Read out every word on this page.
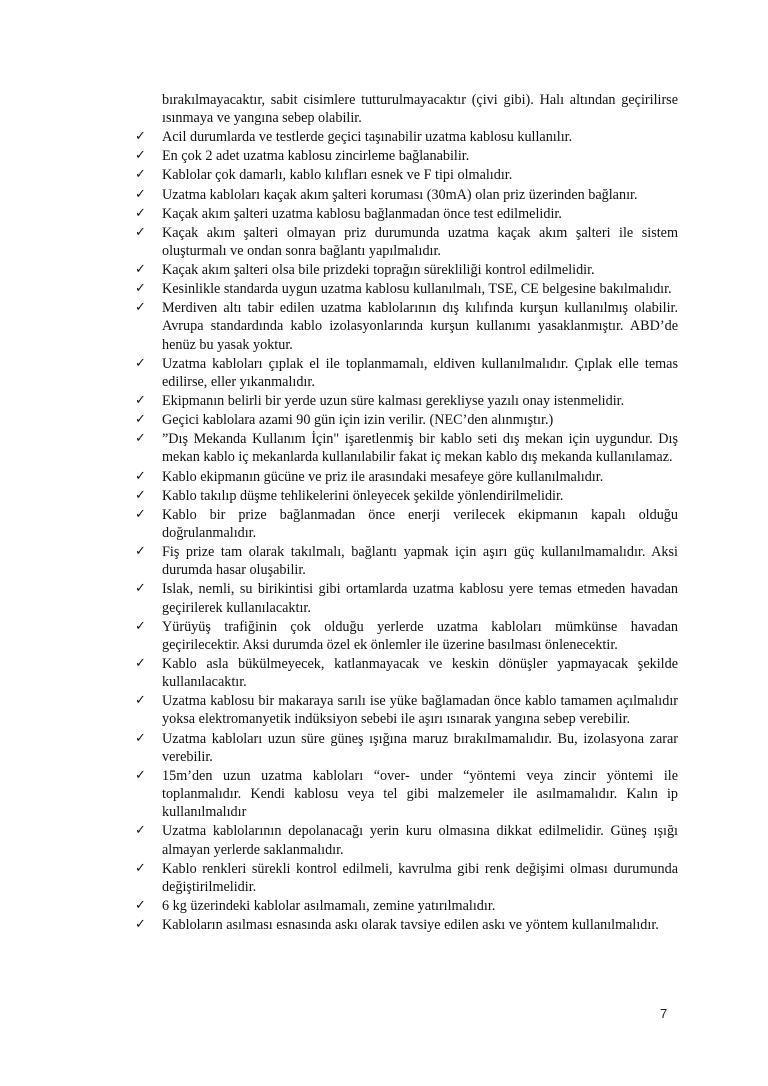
bırakılmayacaktır, sabit cisimlere tutturulmayacaktır (çivi gibi). Halı altından geçirilirse ısınmaya ve yangına sebep olabilir.

✓	Acil durumlarda ve testlerde geçici taşınabilir uzatma kablosu kullanılır.
✓	En çok 2 adet uzatma kablosu zincirleme bağlanabilir.
✓	Kablolar çok damarlı, kablo kılıfları esnek ve F tipi olmalıdır.
✓	Uzatma kabloları kaçak akım şalteri koruması (30mA) olan priz üzerinden bağlanır.
✓	Kaçak akım şalteri uzatma kablosu bağlanmadan önce test edilmelidir.
✓	Kaçak akım şalteri olmayan priz durumunda uzatma kaçak akım şalteri ile sistem oluşturmalı ve ondan sonra bağlantı yapılmalıdır.
✓	Kaçak akım şalteri olsa bile prizdeki toprağın sürekliliği kontrol edilmelidir.
✓	Kesinlikle standarda uygun uzatma kablosu kullanılmalı, TSE, CE belgesine bakılmalıdır.
✓	Merdiven altı tabir edilen uzatma kablolarının dış kılıfında kurşun kullanılmış olabilir. Avrupa standardında kablo izolasyonlarında kurşun kullanımı yasaklanmıştır. ABD’de henüz bu yasak yoktur.
✓	Uzatma kabloları çıplak el ile toplanmamalı, eldiven kullanılmalıdır. Çıplak elle temas edilirse, eller yıkanmalıdır.
✓	Ekipmanın belirli bir yerde uzun süre kalması gerekliyse yazılı onay istenmelidir.
✓	Geçici kablolara azami 90 gün için izin verilir. (NEC’den alınmıştır.)
✓	”Dış Mekanda Kullanım İçin" işaretlenmiş bir kablo seti dış mekan için uygundur. Dış mekan kablo iç mekanlarda kullanılabilir fakat iç mekan kablo dış mekanda kullanılamaz.
✓	Kablo ekipmanın gücüne ve priz ile arasındaki mesafeye göre kullanılmalıdır.
✓	Kablo takılıp düşme tehlikelerini önleyecek şekilde yönlendirilmelidir.
✓	Kablo bir prize bağlanmadan önce enerji verilecek ekipmanın kapalı olduğu doğrulanmalıdır.
✓	Fiş prize tam olarak takılmalı, bağlantı yapmak için aşırı güç kullanılmamalıdır. Aksi durumda hasar oluşabilir.
✓	Islak, nemli, su birikintisi gibi ortamlarda uzatma kablosu yere temas etmeden havadan geçirilerek kullanılacaktır.
✓	Yürüyüş trafiğinin çok olduğu yerlerde uzatma kabloları mümkünse havadan geçirilecektir. Aksi durumda özel ek önlemler ile üzerine basılması önlenecektir.
✓	Kablo asla bükülmeyecek, katlanmayacak ve keskin dönüşler yapmayacak şekilde kullanılacaktır.
✓	Uzatma kablosu bir makaraya sarılı ise yüke bağlamadan önce kablo tamamen açılmalıdır yoksa elektromanyetik indüksiyon sebebi ile aşırı ısınarak yangına sebep verebilir.
✓	Uzatma kabloları uzun süre güneş ışığına maruz bırakılmamalıdır. Bu, izolasyona zarar verebilir.
✓	15m’den uzun uzatma kabloları “over- under “yöntemi veya zincir yöntemi ile toplanmalıdır. Kendi kablosu veya tel gibi malzemeler ile asılmamalıdır. Kalın ip kullanılmalıdır
✓	Uzatma kablolarının depolanacağı yerin kuru olmasına dikkat edilmelidir. Güneş ışığı almayan yerlerde saklanmalıdır.
✓	Kablo renkleri sürekli kontrol edilmeli, kavrulma gibi renk değişimi olması durumunda değiştirilmelidir.
✓	6 kg üzerindeki kablolar asılmamalı, zemine yatırılmalıdır.
✓	Kabloların asılması esnasında askı olarak tavsiye edilen askı ve yöntem kullanılmalıdır.
7
